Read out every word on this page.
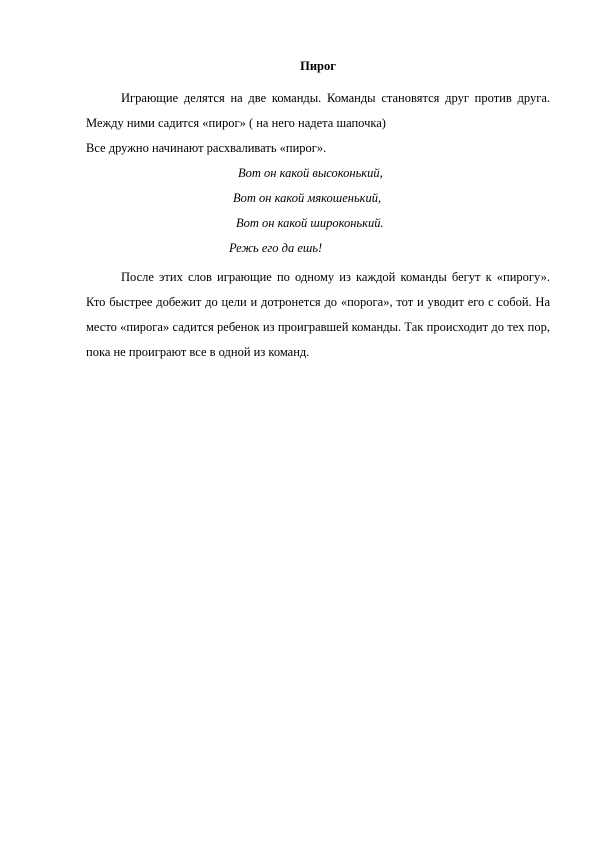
Пирог

Играющие делятся на две команды. Команды становятся друг против друга. Между ними садится «пирог» ( на него надета шапочка)

Все дружно начинают расхваливать «пирог».

Вот он какой высоконький,

Вот он какой мякошенький,

Вот он какой широконький.

Режь его да ешь!

После этих слов играющие по одному из каждой команды бегут к «пирогу». Кто быстрее добежит до цели и дотронется до «порога», тот и уводит его с собой. На место «пирога» садится ребенок из проигравшей команды. Так происходит до тех пор, пока не проиграют все в одной из команд.
